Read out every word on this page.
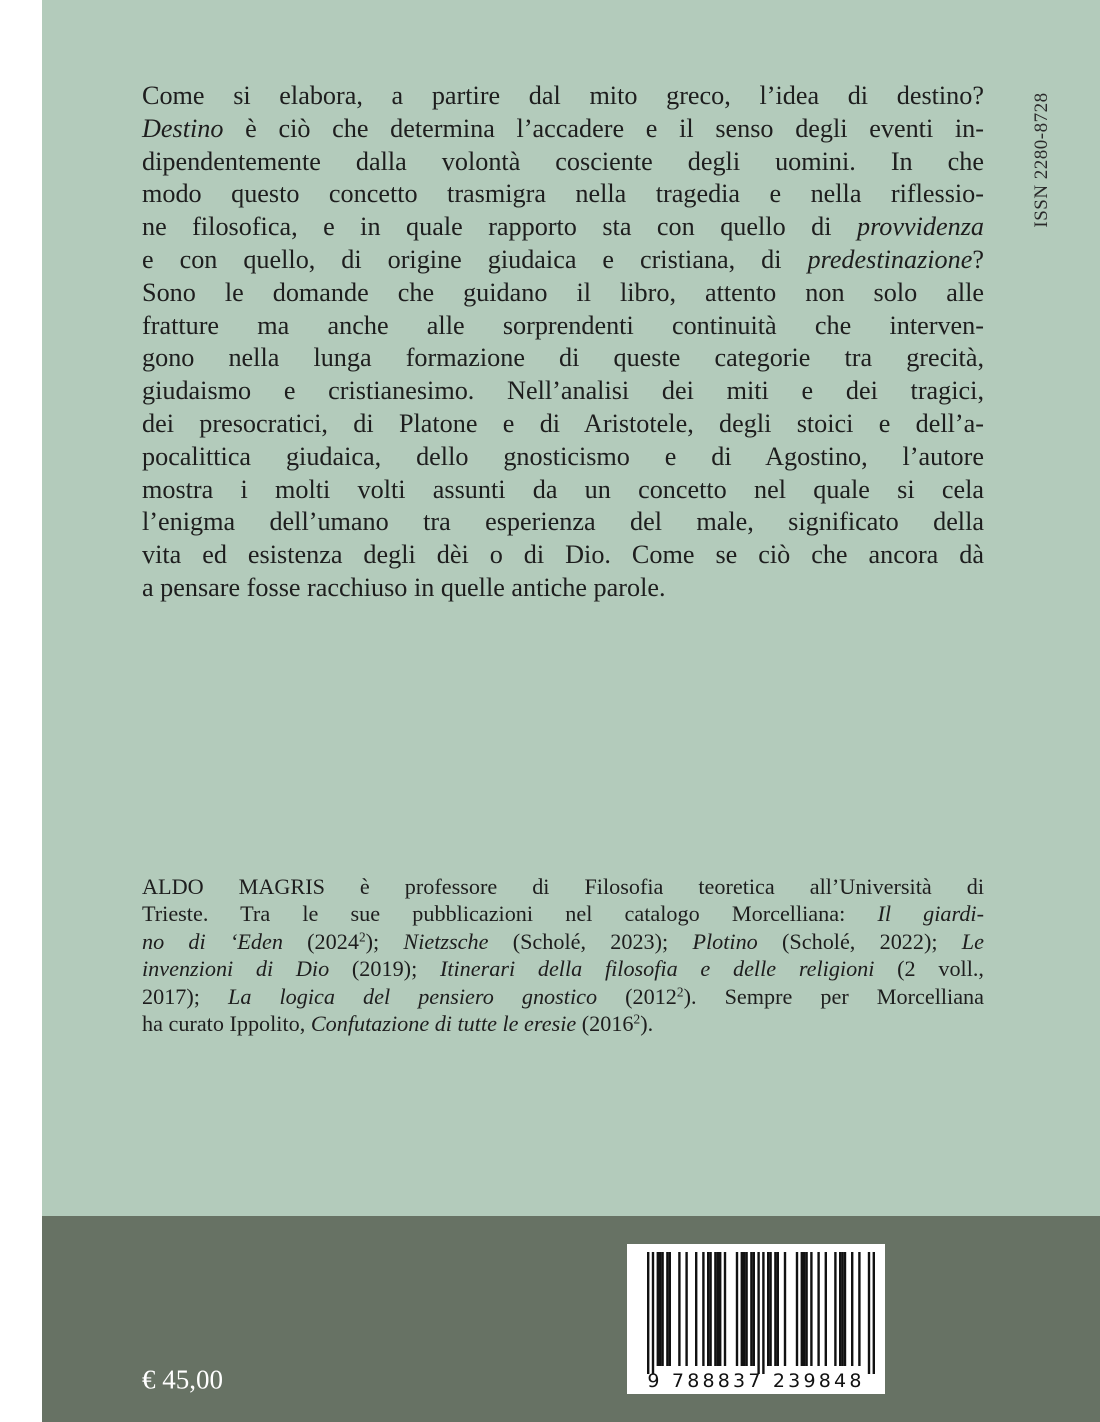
ISSN 2280-8728

Come si elabora, a partire dal mito greco, l’idea di destino?
Destino è ciò che determina l’accadere e il senso degli eventi in-
dipendentemente dalla volontà cosciente degli uomini. In che
modo questo concetto trasmigra nella tragedia e nella riflessio-
ne filosofica, e in quale rapporto sta con quello di provvidenza
e con quello, di origine giudaica e cristiana, di predestinazione?
Sono le domande che guidano il libro, attento non solo alle
fratture ma anche alle sorprendenti continuità che interven-
gono nella lunga formazione di queste categorie tra grecità,
giudaismo e cristianesimo. Nell’analisi dei miti e dei tragici,
dei presocratici, di Platone e di Aristotele, degli stoici e dell’a-
pocalittica giudaica, dello gnosticismo e di Agostino, l’autore
mostra i molti volti assunti da un concetto nel quale si cela
l’enigma dell’umano tra esperienza del male, significato della
vita ed esistenza degli dèi o di Dio. Come se ciò che ancora dà
a pensare fosse racchiuso in quelle antiche parole.

ALDO MAGRIS è professore di Filosofia teoretica all’Università di
Trieste. Tra le sue pubblicazioni nel catalogo Morcelliana: Il giardi-
no di ‘Eden (2024$^2$); Nietzsche (Scholé, 2023); Plotino (Scholé, 2022); Le
invenzioni di Dio (2019); Itinerari della filosofia e delle religioni (2 voll.,
2017); La logica del pensiero gnostico (2012$^2$). Sempre per Morcelliana
ha curato Ippolito, Confutazione di tutte le eresie (2016$^2$).

€ 45,00	9 788837 239848
